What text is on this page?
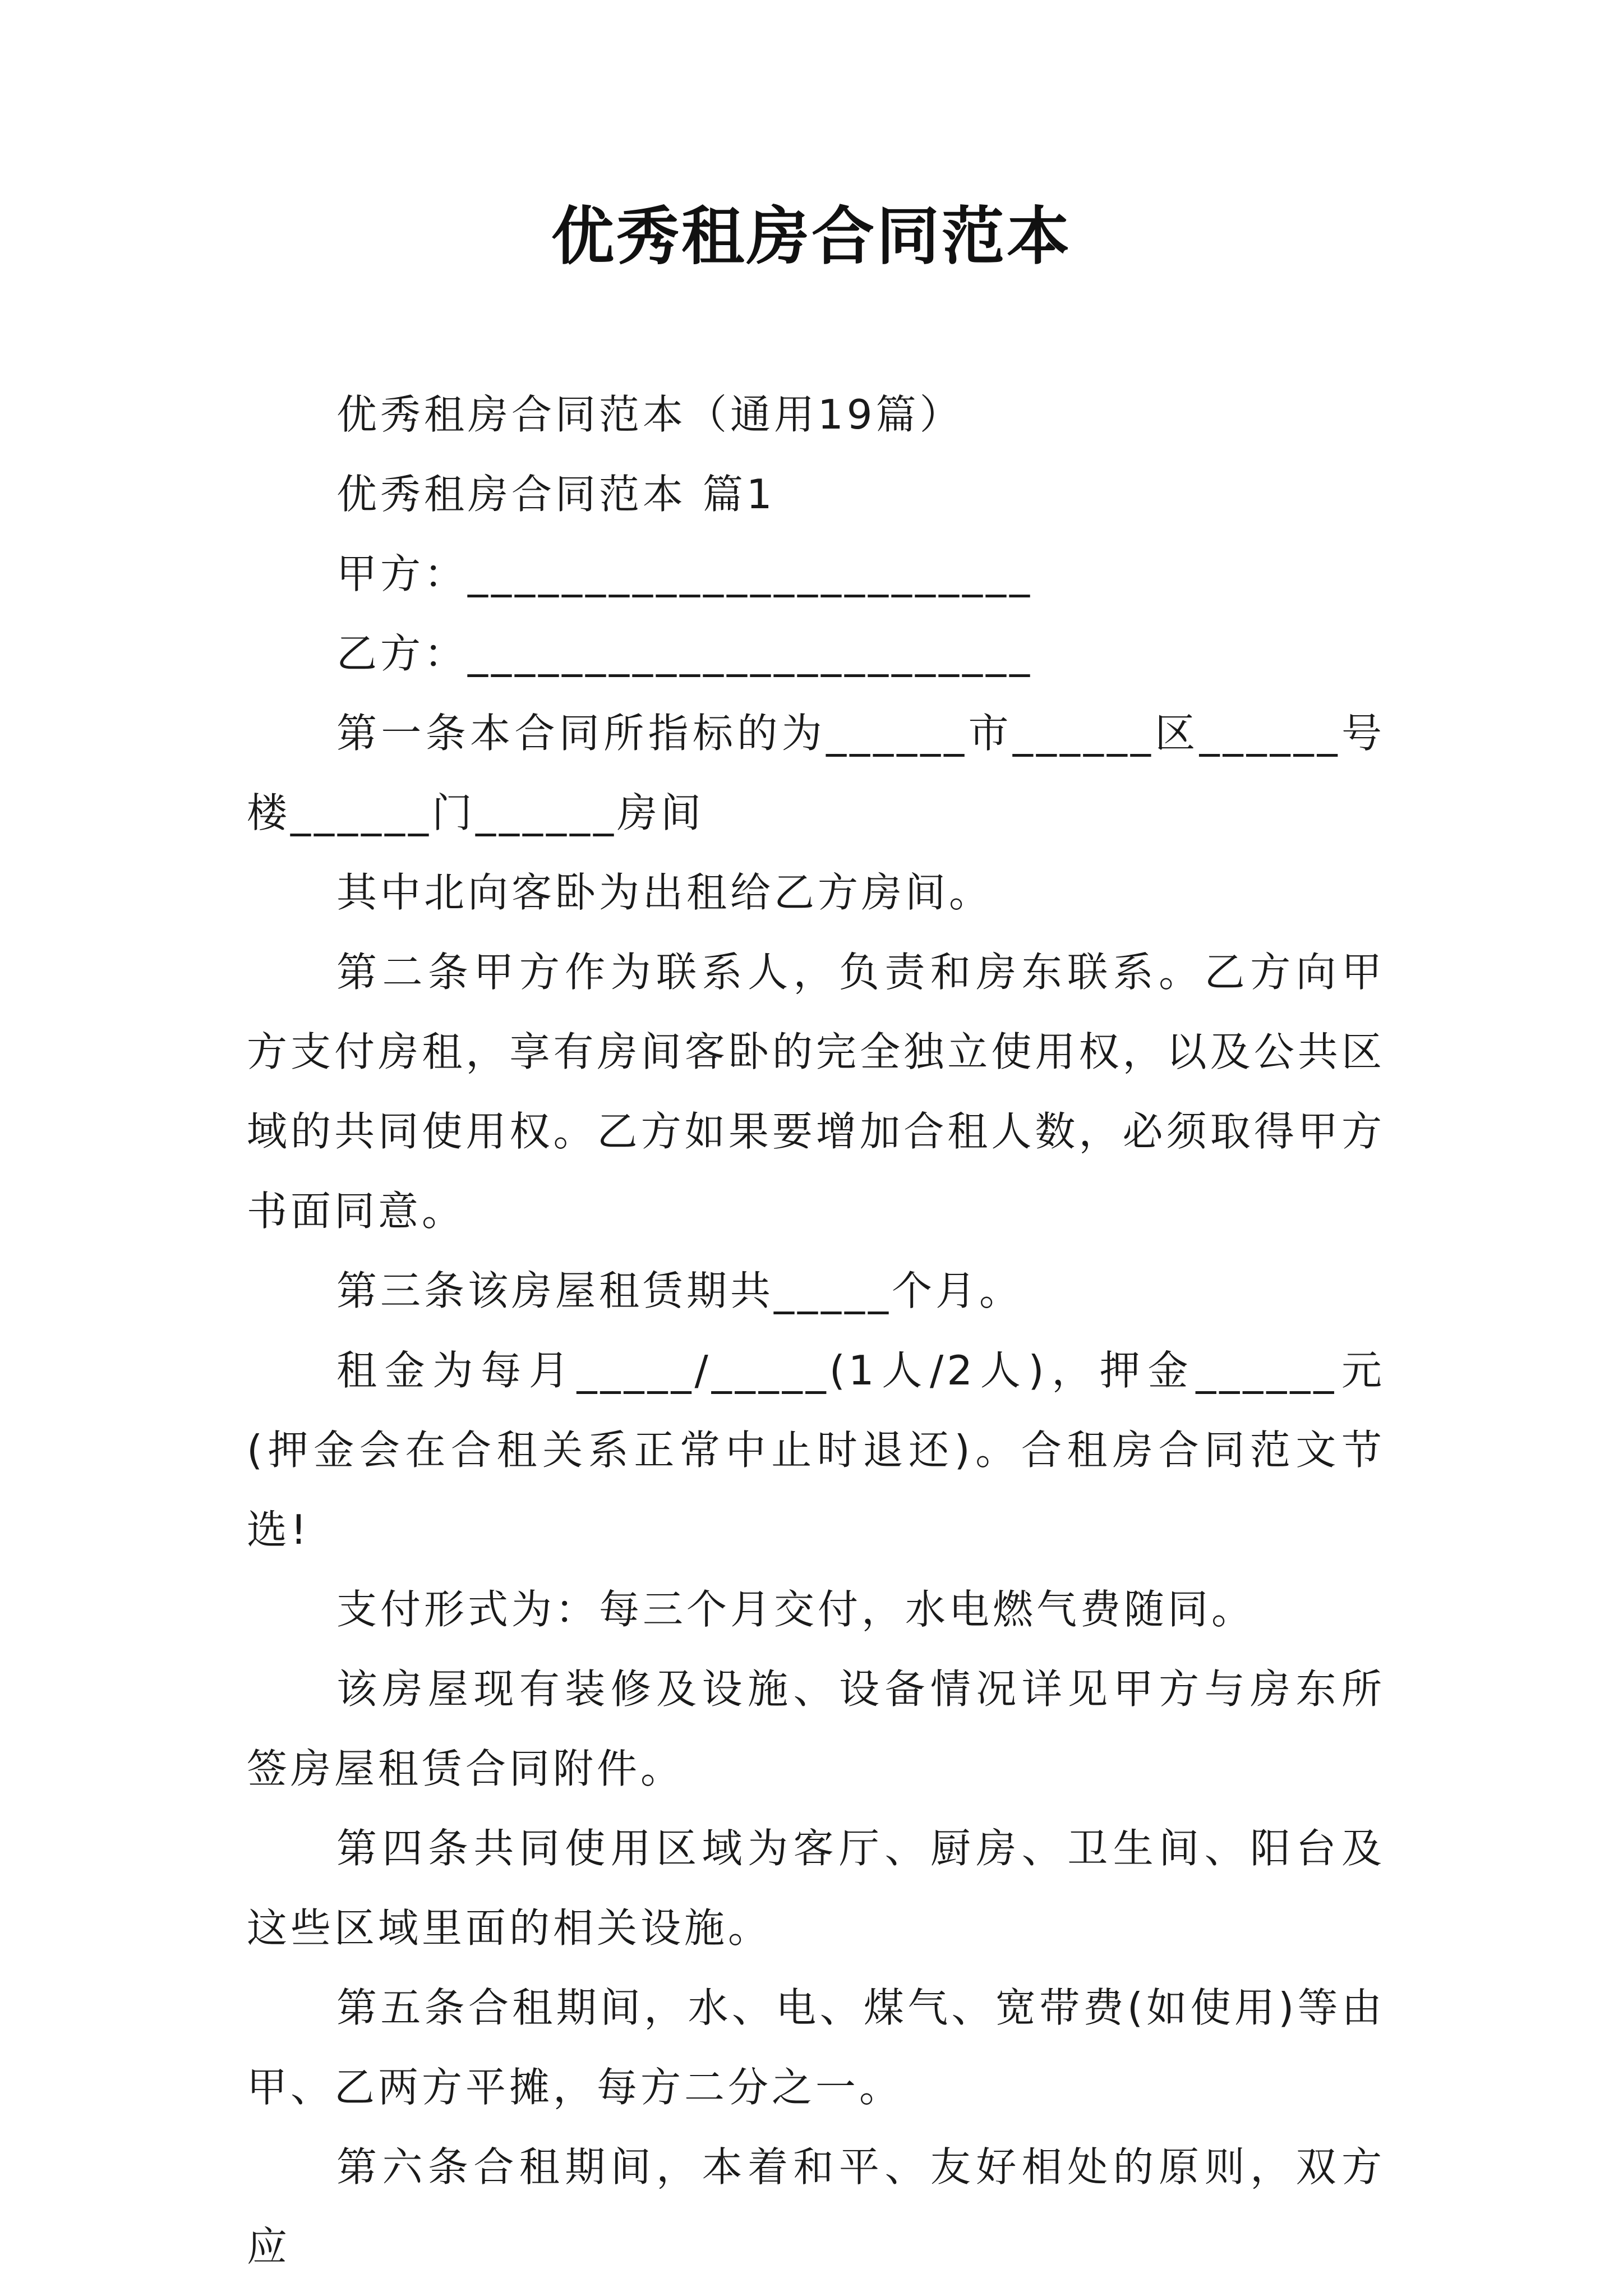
优秀租房合同范本

优秀租房合同范本（通用19篇）

优秀租房合同范本 篇1

甲方：________________________

乙方：________________________

第一条本合同所指标的为______市______区______号楼______门______房间

其中北向客卧为出租给乙方房间。

第二条甲方作为联系人，负责和房东联系。乙方向甲方支付房租，享有房间客卧的完全独立使用权，以及公共区域的共同使用权。乙方如果要增加合租人数，必须取得甲方书面同意。

第三条该房屋租赁期共_____个月。

租金为每月_____/_____(1人/2人)，押金______元(押金会在合租关系正常中止时退还)。合租房合同范文节选!

支付形式为：每三个月交付，水电燃气费随同。

该房屋现有装修及设施、设备情况详见甲方与房东所签房屋租赁合同附件。

第四条共同使用区域为客厅、厨房、卫生间、阳台及这些区域里面的相关设施。

第五条合租期间，水、电、煤气、宽带费(如使用)等由甲、乙两方平摊，每方二分之一。

第六条合租期间，本着和平、友好相处的原则，双方应
